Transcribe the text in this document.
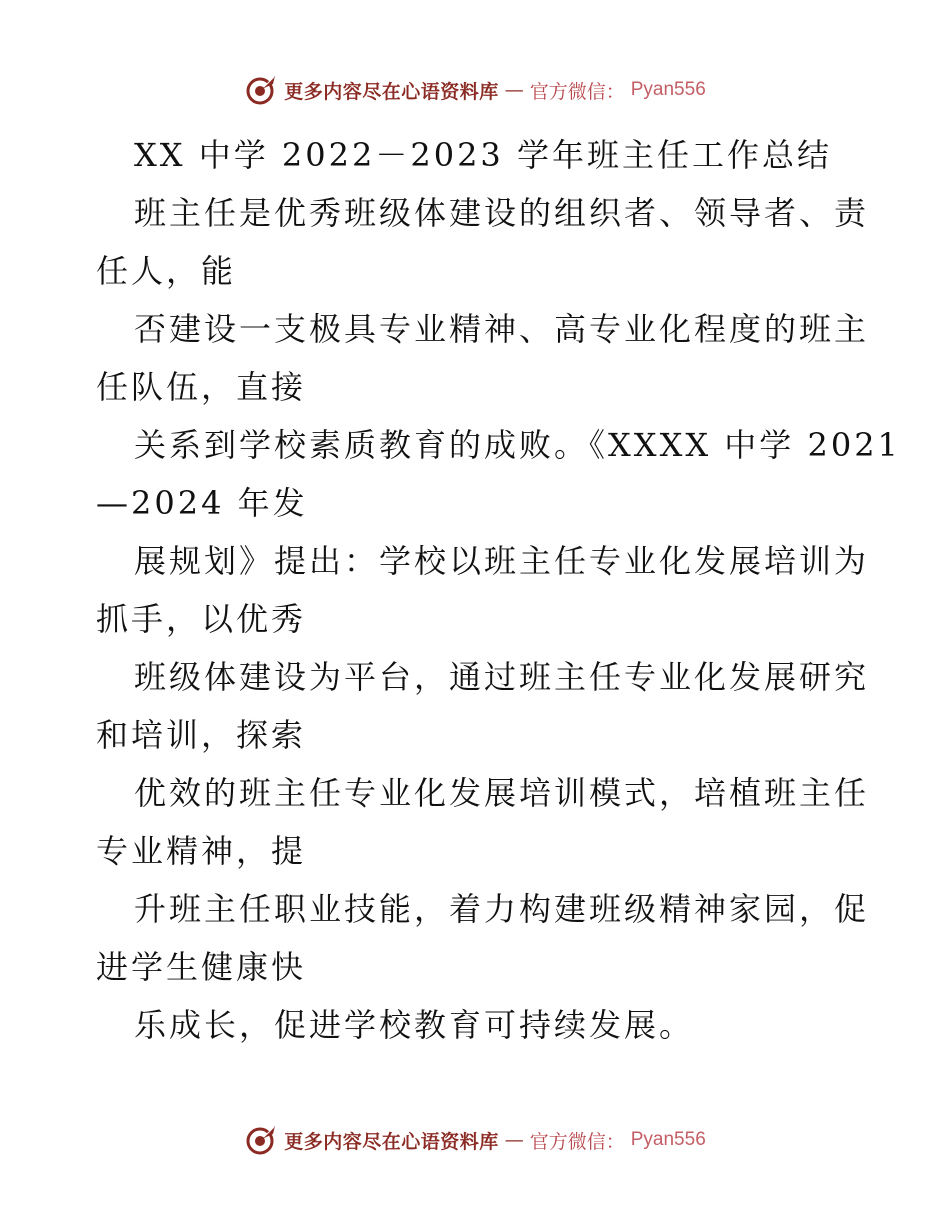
更多内容尽在心语资料库 — 官方微信： Pyan556
XX 中学 2022－2023 学年班主任工作总结
班主任是优秀班级体建设的组织者、领导者、责
任人，能
否建设一支极具专业精神、高专业化程度的班主
任队伍，直接
关系到学校素质教育的成败。《XXXX 中学 2021
—2024 年发
展规划》提出：学校以班主任专业化发展培训为
抓手，以优秀
班级体建设为平台，通过班主任专业化发展研究
和培训，探索
优效的班主任专业化发展培训模式，培植班主任
专业精神，提
升班主任职业技能，着力构建班级精神家园，促
进学生健康快
乐成长，促进学校教育可持续发展。
更多内容尽在心语资料库 — 官方微信： Pyan556
